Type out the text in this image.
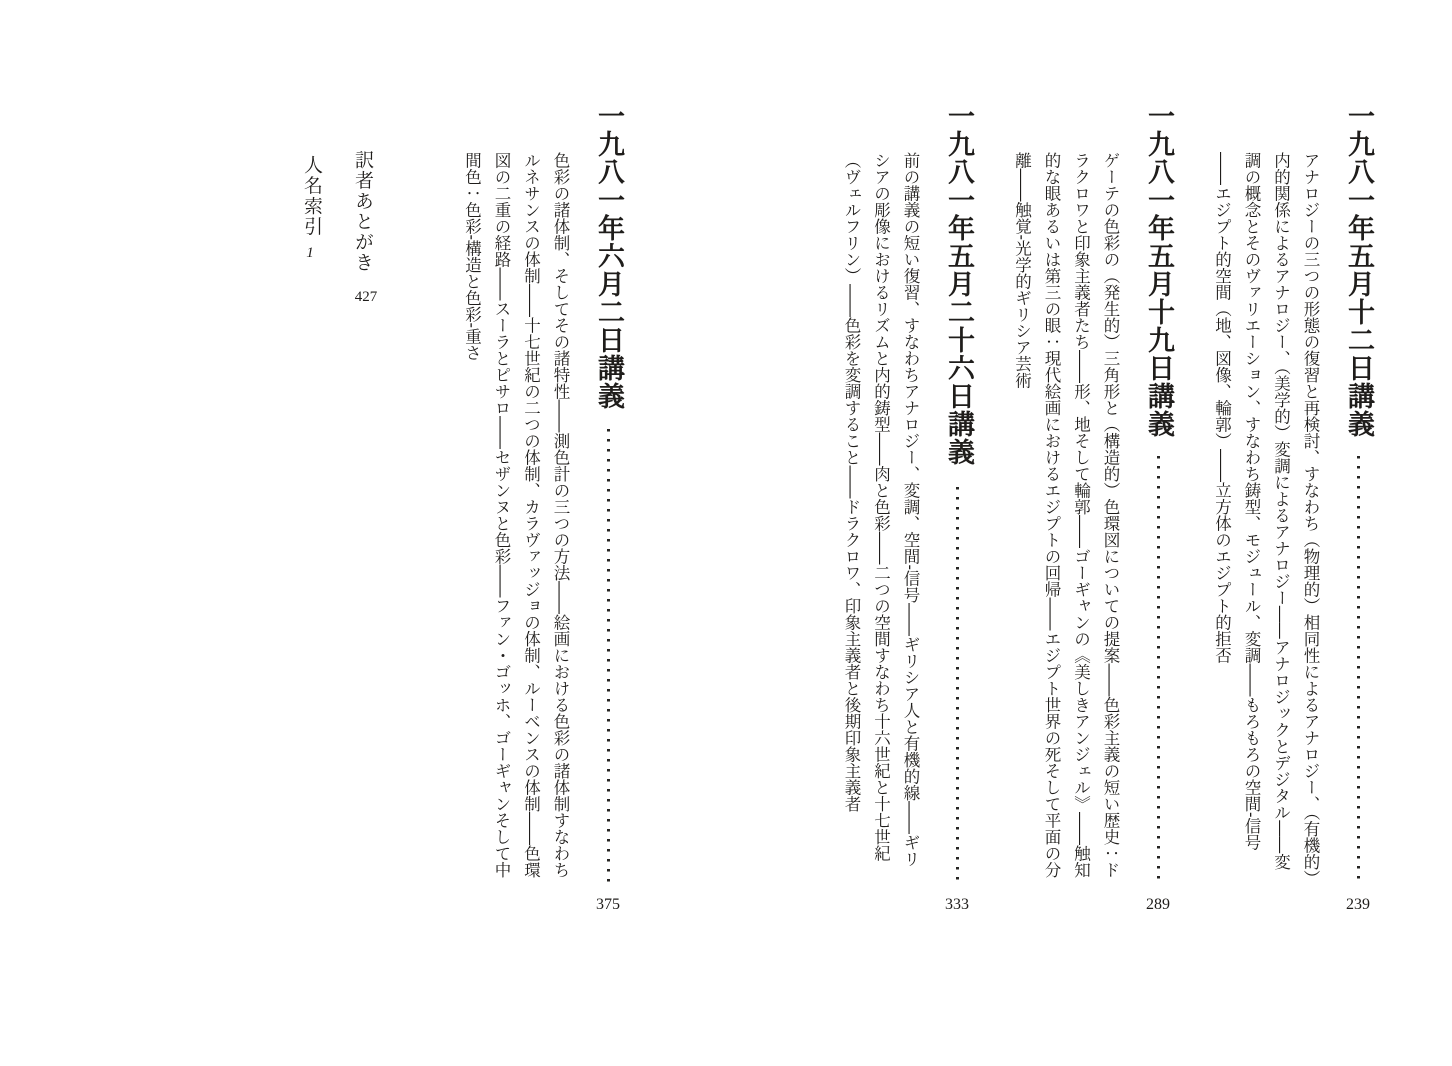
一九八一年五月十二日講義

アナロジーの三つの形態の復習と再検討、すなわち（物理的）相同性によるアナロジー、（有機的）

内的関係によるアナロジー、（美学的）変調によるアナロジー——アナロジックとデジタル——変

調の概念とそのヴァリエーション、すなわち鋳型、モジュール、変調——もろもろの空間‐信号

——エジプト的空間（地、図像、輪郭）——立方体のエジプト的拒否

239
一九八一年五月十九日講義

ゲーテの色彩の（発生的）三角形と（構造的）色環図についての提案——色彩主義の短い歴史：ド

ラクロワと印象主義者たち——形、地そして輪郭——ゴーギャンの《美しきアンジェル》——触知

的な眼あるいは第三の眼：現代絵画におけるエジプトの回帰——エジプト世界の死そして平面の分

離——触覚‐光学的ギリシア芸術

289
一九八一年五月二十六日講義

前の講義の短い復習、すなわちアナロジー、変調、空間‐信号——ギリシア人と有機的線——ギリ

シアの彫像におけるリズムと内的鋳型——肉と色彩——二つの空間すなわち十六世紀と十七世紀

（ヴェルフリン）——色彩を変調すること——ドラクロワ、印象主義者と後期印象主義者

333
一九八一年六月二日講義

色彩の諸体制、そしてその諸特性——測色計の三つの方法——絵画における色彩の諸体制すなわち

ルネサンスの体制——十七世紀の二つの体制、カラヴァッジョの体制、ルーベンスの体制——色環

図の二重の経路——スーラとピサロ——セザンヌと色彩——ファン・ゴッホ、ゴーギャンそして中

間色：色彩‐構造と色彩‐重さ

375
訳者あとがき
427
人名索引
1
